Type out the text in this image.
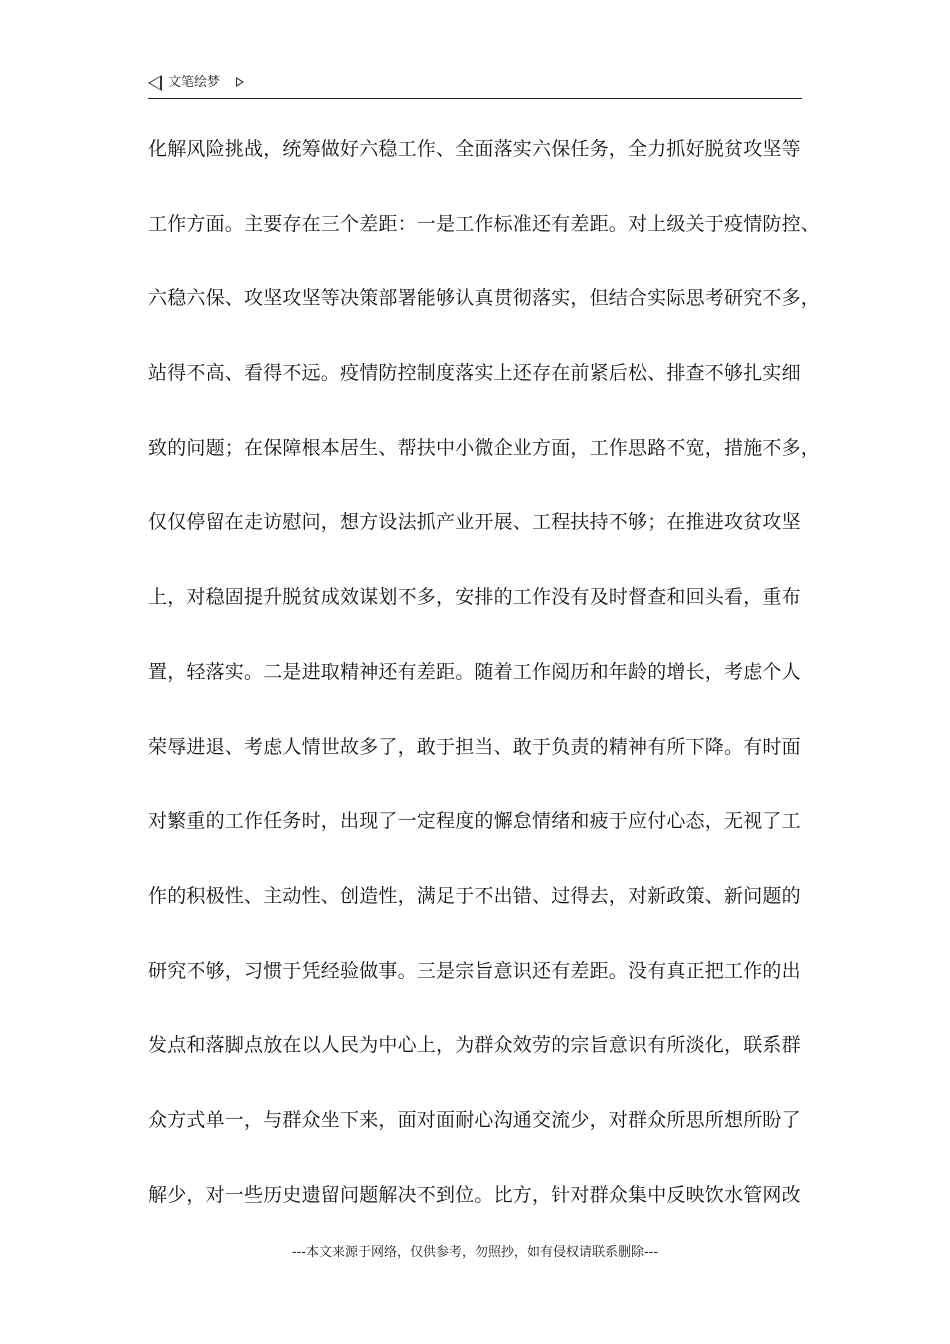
文笔绘梦
化解风险挑战，统筹做好六稳工作、全面落实六保任务，全力抓好脱贫攻坚等
工作方面。主要存在三个差距：一是工作标准还有差距。对上级关于疫情防控、
六稳六保、攻坚攻坚等决策部署能够认真贯彻落实，但结合实际思考研究不多，
站得不高、看得不远。疫情防控制度落实上还存在前紧后松、排查不够扎实细
致的问题；在保障根本居生、帮扶中小微企业方面，工作思路不宽，措施不多，
仅仅停留在走访慰问，想方设法抓产业开展、工程扶持不够；在推进攻贫攻坚
上，对稳固提升脱贫成效谋划不多，安排的工作没有及时督查和回头看，重布
置，轻落实。二是进取精神还有差距。随着工作阅历和年龄的增长，考虑个人
荣辱进退、考虑人情世故多了，敢于担当、敢于负责的精神有所下降。有时面
对繁重的工作任务时，出现了一定程度的懈怠情绪和疲于应付心态，无视了工
作的积极性、主动性、创造性，满足于不出错、过得去，对新政策、新问题的
研究不够，习惯于凭经验做事。三是宗旨意识还有差距。没有真正把工作的出
发点和落脚点放在以人民为中心上，为群众效劳的宗旨意识有所淡化，联系群
众方式单一，与群众坐下来，面对面耐心沟通交流少，对群众所思所想所盼了
解少，对一些历史遗留问题解决不到位。比方，针对群众集中反映饮水管网改
---本文来源于网络，仅供参考，勿照抄，如有侵权请联系删除---
